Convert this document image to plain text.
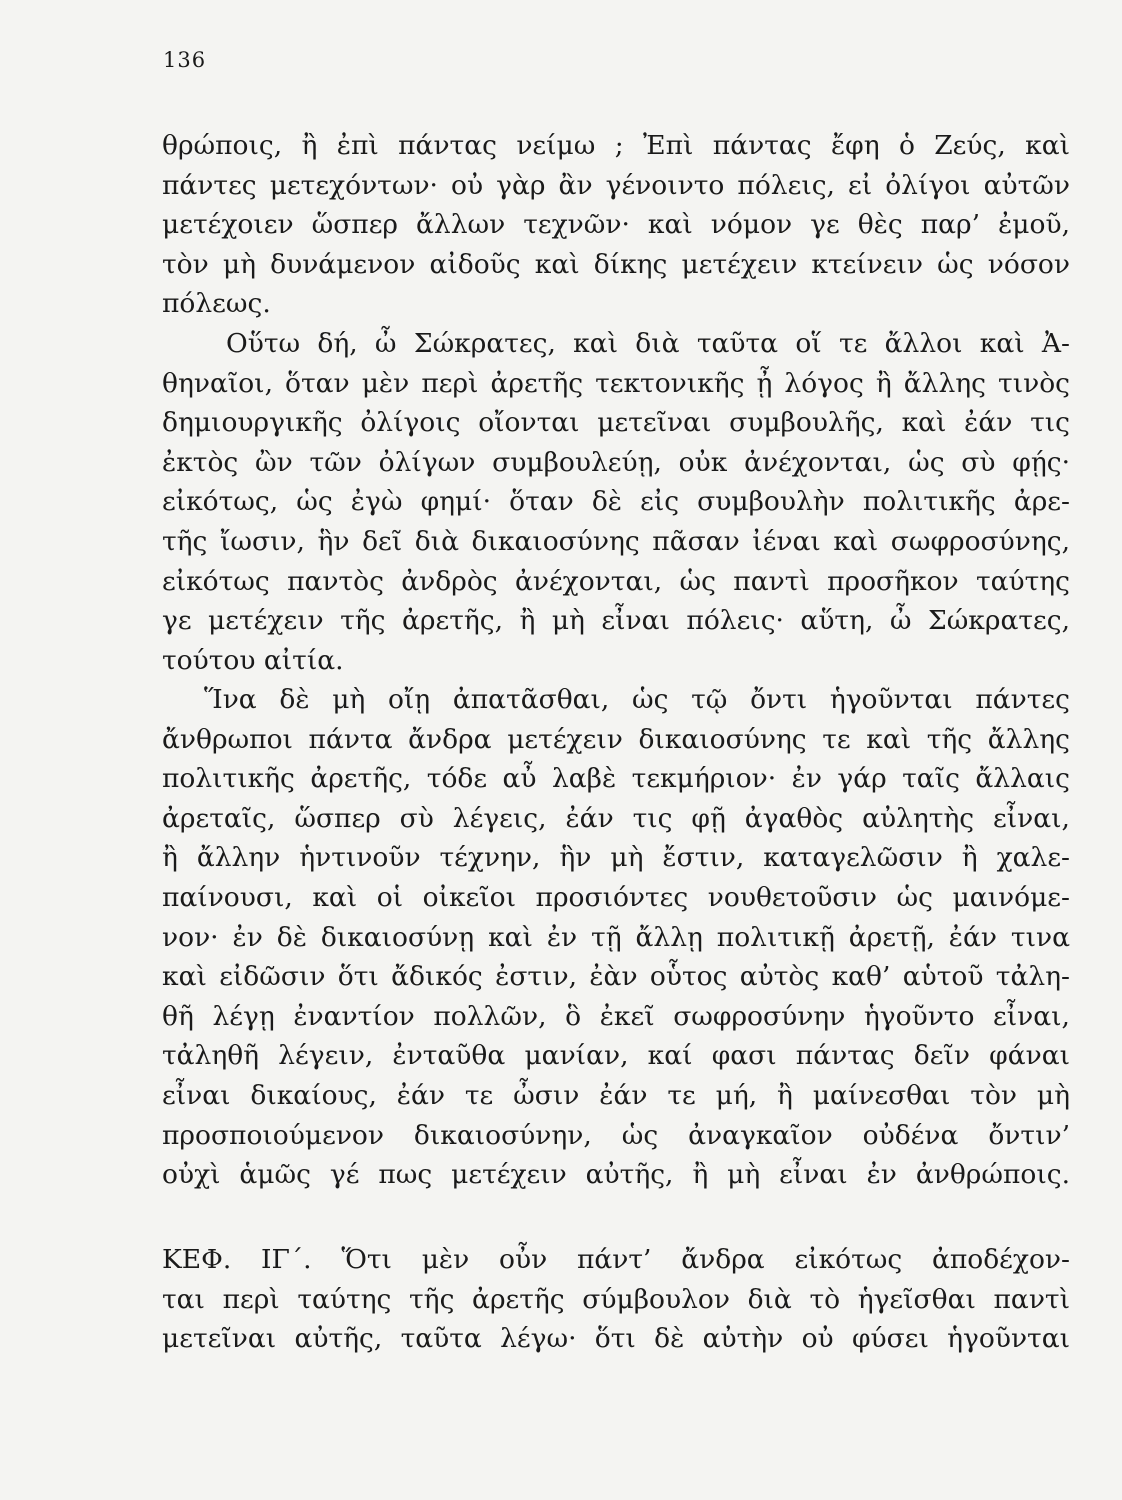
136
θρώποις, ἢ ἐπὶ πάντας νείμω ; Ἐπὶ πάντας ἔφη ὁ Ζεύς, καὶ
πάντες μετεχόντων· οὐ γὰρ ἂν γένοιντο πόλεις, εἰ ὀλίγοι αὐτῶν
μετέχοιεν ὥσπερ ἄλλων τεχνῶν· καὶ νόμον γε θὲς παρ’ ἐμοῦ,
τὸν μὴ δυνάμενον αἰδοῦς καὶ δίκης μετέχειν κτείνειν ὡς νόσον
πόλεως.
Οὕτω δή, ὦ Σώκρατες, καὶ διὰ ταῦτα οἵ τε ἄλλοι καὶ Ἀ-
θηναῖοι, ὅταν μὲν περὶ ἀρετῆς τεκτονικῆς ᾖ λόγος ἢ ἄλλης τινὸς
δημιουργικῆς ὀλίγοις οἴονται μετεῖναι συμβουλῆς, καὶ ἐάν τις
ἐκτὸς ὢν τῶν ὀλίγων συμβουλεύῃ, οὐκ ἀνέχονται, ὡς σὺ φῄς·
εἰκότως, ὡς ἐγὼ φημί· ὅταν δὲ εἰς συμβουλὴν πολιτικῆς ἀρε-
τῆς ἴωσιν, ἣν δεῖ διὰ δικαιοσύνης πᾶσαν ἰέναι καὶ σωφροσύνης,
εἰκότως παντὸς ἀνδρὸς ἀνέχονται, ὡς παντὶ προσῆκον ταύτης
γε μετέχειν τῆς ἀρετῆς, ἢ μὴ εἶναι πόλεις· αὕτη, ὦ Σώκρατες,
τούτου αἰτία.
Ἵνα δὲ μὴ οἴῃ ἀπατᾶσθαι, ὡς τῷ ὄντι ἡγοῦνται πάντες
ἄνθρωποι πάντα ἄνδρα μετέχειν δικαιοσύνης τε καὶ τῆς ἄλλης
πολιτικῆς ἀρετῆς, τόδε αὖ λαβὲ τεκμήριον· ἐν γάρ ταῖς ἄλλαις
ἀρεταῖς, ὥσπερ σὺ λέγεις, ἐάν τις φῇ ἀγαθὸς αὐλητὴς εἶναι,
ἢ ἄλλην ἡντινοῦν τέχνην, ἣν μὴ ἔστιν, καταγελῶσιν ἢ χαλε-
παίνουσι, καὶ οἱ οἰκεῖοι προσιόντες νουθετοῦσιν ὡς μαινόμε-
νον· ἐν δὲ δικαιοσύνῃ καὶ ἐν τῇ ἄλλῃ πολιτικῇ ἀρετῇ, ἐάν τινα
καὶ εἰδῶσιν ὅτι ἄδικός ἐστιν, ἐὰν οὗτος αὐτὸς καθ’ αὑτοῦ τἀλη-
θῆ λέγῃ ἐναντίον πολλῶν, ὃ ἐκεῖ σωφροσύνην ἡγοῦντο εἶναι,
τἀληθῆ λέγειν, ἐνταῦθα μανίαν, καί φασι πάντας δεῖν φάναι
εἶναι δικαίους, ἐάν τε ὦσιν ἐάν τε μή, ἢ μαίνεσθαι τὸν μὴ
προσποιούμενον δικαιοσύνην, ὡς ἀναγκαῖον οὐδένα ὄντιν’
οὐχὶ ἁμῶς γέ πως μετέχειν αὐτῆς, ἢ μὴ εἶναι ἐν ἀνθρώποις.
ΚΕΦ. ΙΓ΄. Ὅτι μὲν οὖν πάντ’ ἄνδρα εἰκότως ἀποδέχον-
ται περὶ ταύτης τῆς ἀρετῆς σύμβουλον διὰ τὸ ἡγεῖσθαι παντὶ
μετεῖναι αὐτῆς, ταῦτα λέγω· ὅτι δὲ αὐτὴν οὐ φύσει ἡγοῦνται
